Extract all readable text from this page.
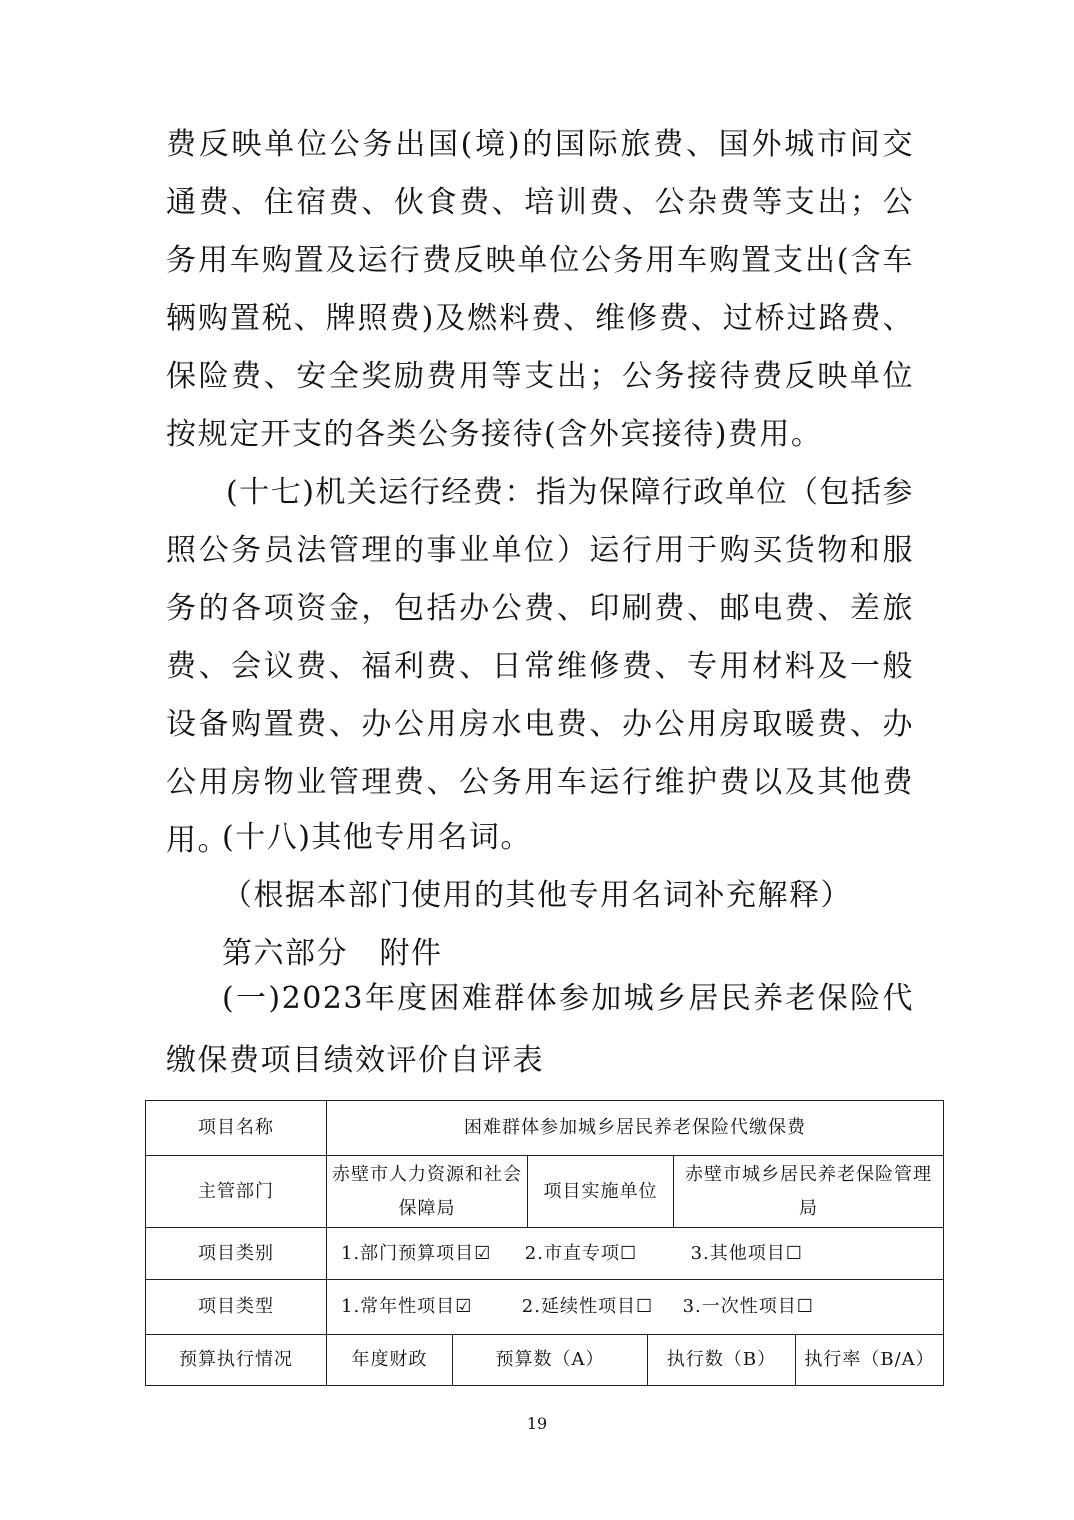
费反映单位公务出国(境)的国际旅费、国外城市间交通费、住宿费、伙食费、培训费、公杂费等支出；公务用车购置及运行费反映单位公务用车购置支出(含车辆购置税、牌照费)及燃料费、维修费、过桥过路费、保险费、安全奖励费用等支出；公务接待费反映单位按规定开支的各类公务接待(含外宾接待)费用。
(十七)机关运行经费：指为保障行政单位（包括参照公务员法管理的事业单位）运行用于购买货物和服务的各项资金，包括办公费、印刷费、邮电费、差旅费、会议费、福利费、日常维修费、专用材料及一般设备购置费、办公用房水电费、办公用房取暖费、办公用房物业管理费、公务用车运行维护费以及其他费用。
(十八)其他专用名词。
（根据本部门使用的其他专用名词补充解释）
第六部分　附件
(一)2023年度困难群体参加城乡居民养老保险代缴保费项目绩效评价自评表
项目名称	困难群体参加城乡居民养老保险代缴保费					
主管部门	赤壁市人力资源和社会保障局		项目实施单位		赤壁市城乡居民养老保险管理局	
项目类别	1.部门预算项目☑ 2.市直专项☐ 3.其他项目☐					
项目类型	1.常年性项目☑ 2.延续性项目☐ 3.一次性项目☐					
预算执行情况	年度财政	预算数（A）		执行数（B）		执行率（B/A）
19
